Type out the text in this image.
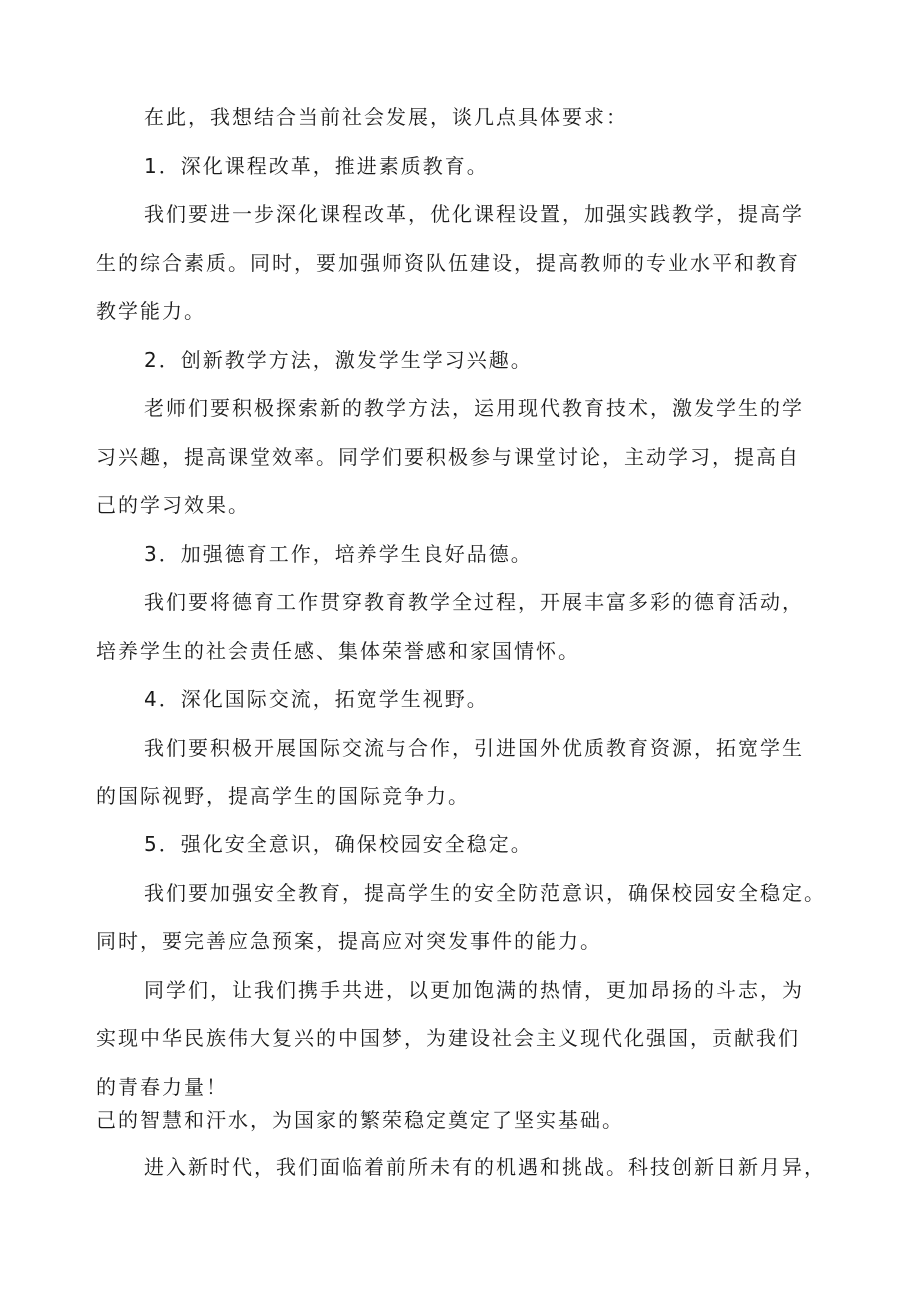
在此，我想结合当前社会发展，谈几点具体要求：
1．深化课程改革，推进素质教育。
我们要进一步深化课程改革，优化课程设置，加强实践教学，提高学
生的综合素质。同时，要加强师资队伍建设，提高教师的专业水平和教育
教学能力。
2．创新教学方法，激发学生学习兴趣。
老师们要积极探索新的教学方法，运用现代教育技术，激发学生的学
习兴趣，提高课堂效率。同学们要积极参与课堂讨论，主动学习，提高自
己的学习效果。
3．加强德育工作，培养学生良好品德。
我们要将德育工作贯穿教育教学全过程，开展丰富多彩的德育活动，
培养学生的社会责任感、集体荣誉感和家国情怀。
4．深化国际交流，拓宽学生视野。
我们要积极开展国际交流与合作，引进国外优质教育资源，拓宽学生
的国际视野，提高学生的国际竞争力。
5．强化安全意识，确保校园安全稳定。
我们要加强安全教育，提高学生的安全防范意识，确保校园安全稳定。
同时，要完善应急预案，提高应对突发事件的能力。
同学们，让我们携手共进，以更加饱满的热情，更加昂扬的斗志，为
实现中华民族伟大复兴的中国梦，为建设社会主义现代化强国，贡献我们
的青春力量！
己的智慧和汗水，为国家的繁荣稳定奠定了坚实基础。
进入新时代，我们面临着前所未有的机遇和挑战。科技创新日新月异，
